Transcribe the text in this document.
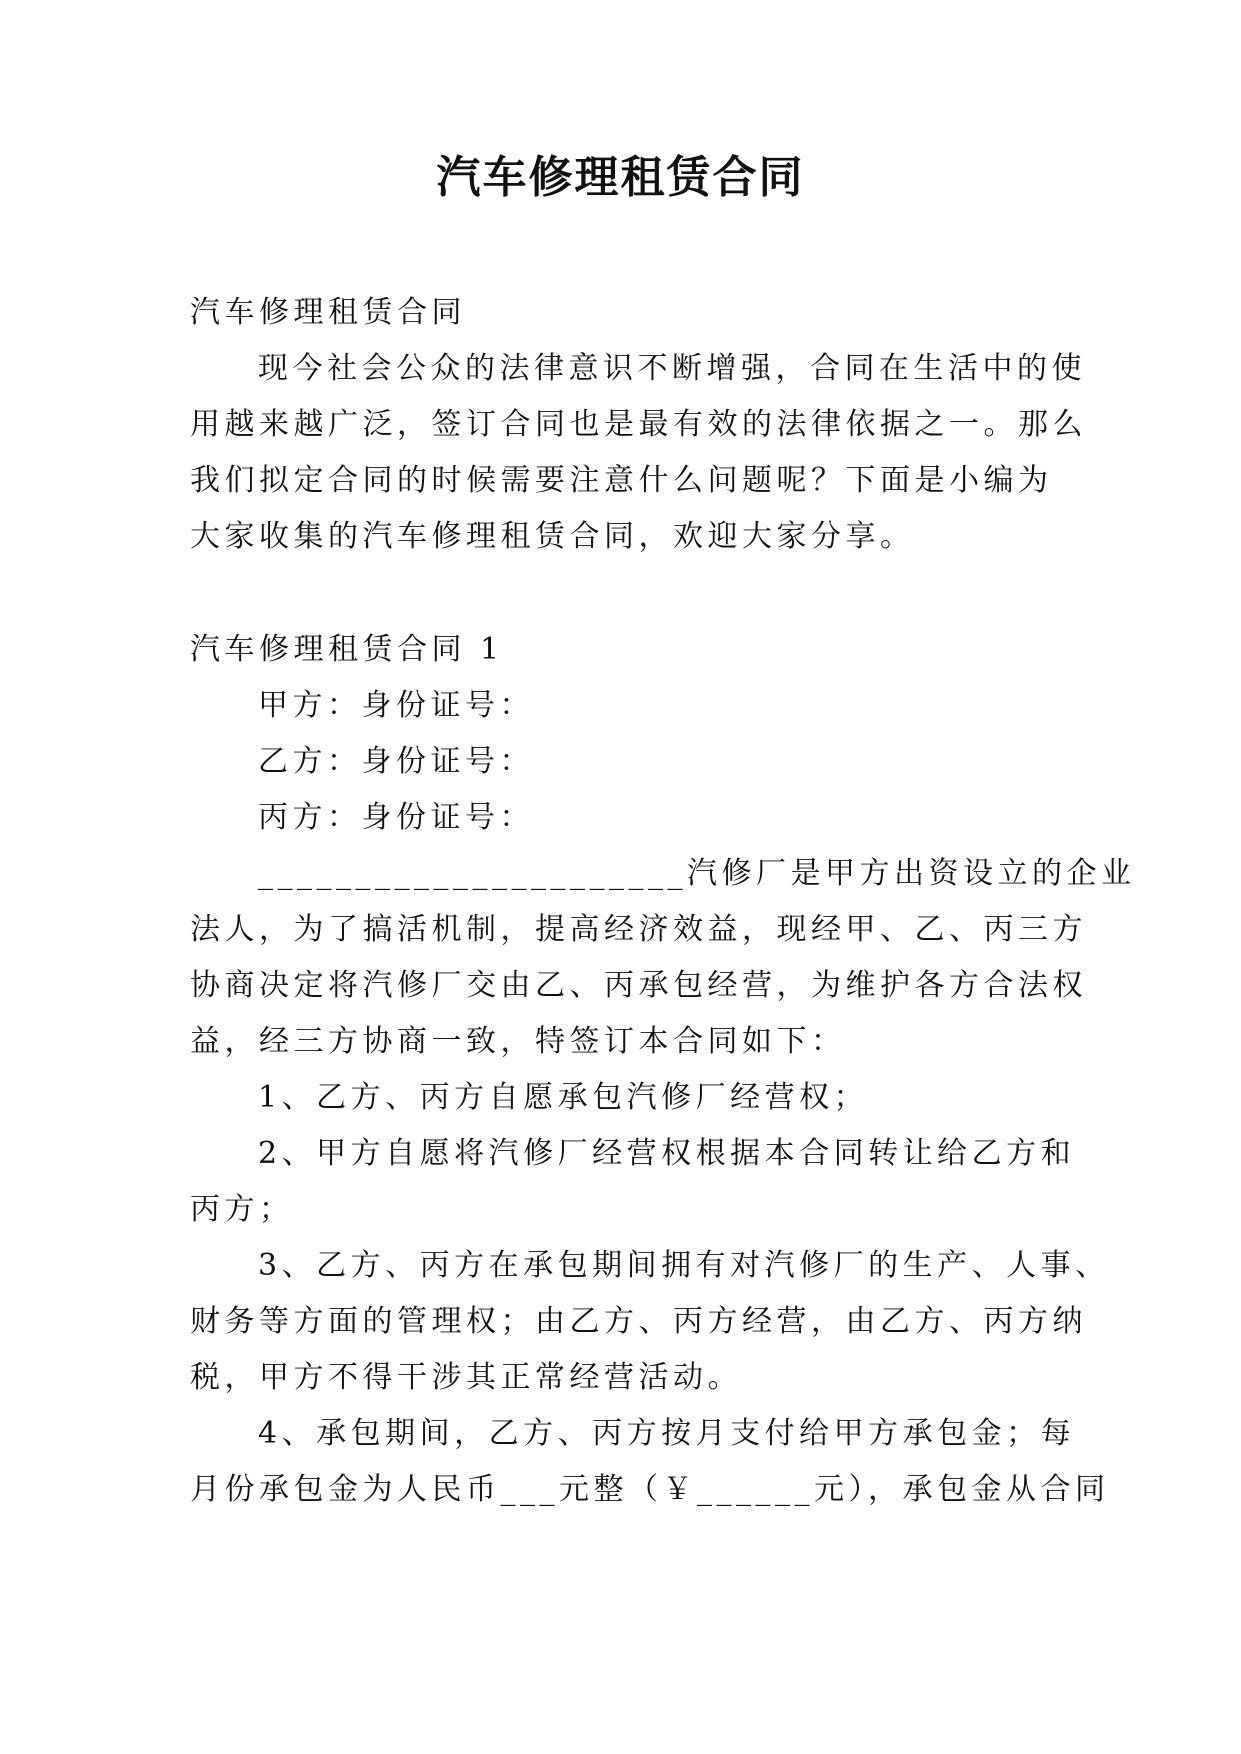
汽车修理租赁合同

汽车修理租赁合同

现今社会公众的法律意识不断增强，合同在生活中的使

用越来越广泛，签订合同也是最有效的法律依据之一。那么

我们拟定合同的时候需要注意什么问题呢？下面是小编为

大家收集的汽车修理租赁合同，欢迎大家分享。

汽车修理租赁合同 1

甲方：身份证号：

乙方：身份证号：

丙方：身份证号：

______________________汽修厂是甲方出资设立的企业

法人，为了搞活机制，提高经济效益，现经甲、乙、丙三方

协商决定将汽修厂交由乙、丙承包经营，为维护各方合法权

益，经三方协商一致，特签订本合同如下：

1、乙方、丙方自愿承包汽修厂经营权；

2、甲方自愿将汽修厂经营权根据本合同转让给乙方和

丙方；

3、乙方、丙方在承包期间拥有对汽修厂的生产、人事、

财务等方面的管理权；由乙方、丙方经营，由乙方、丙方纳

税，甲方不得干涉其正常经营活动。

4、承包期间，乙方、丙方按月支付给甲方承包金；每

月份承包金为人民币___元整（￥______元），承包金从合同
